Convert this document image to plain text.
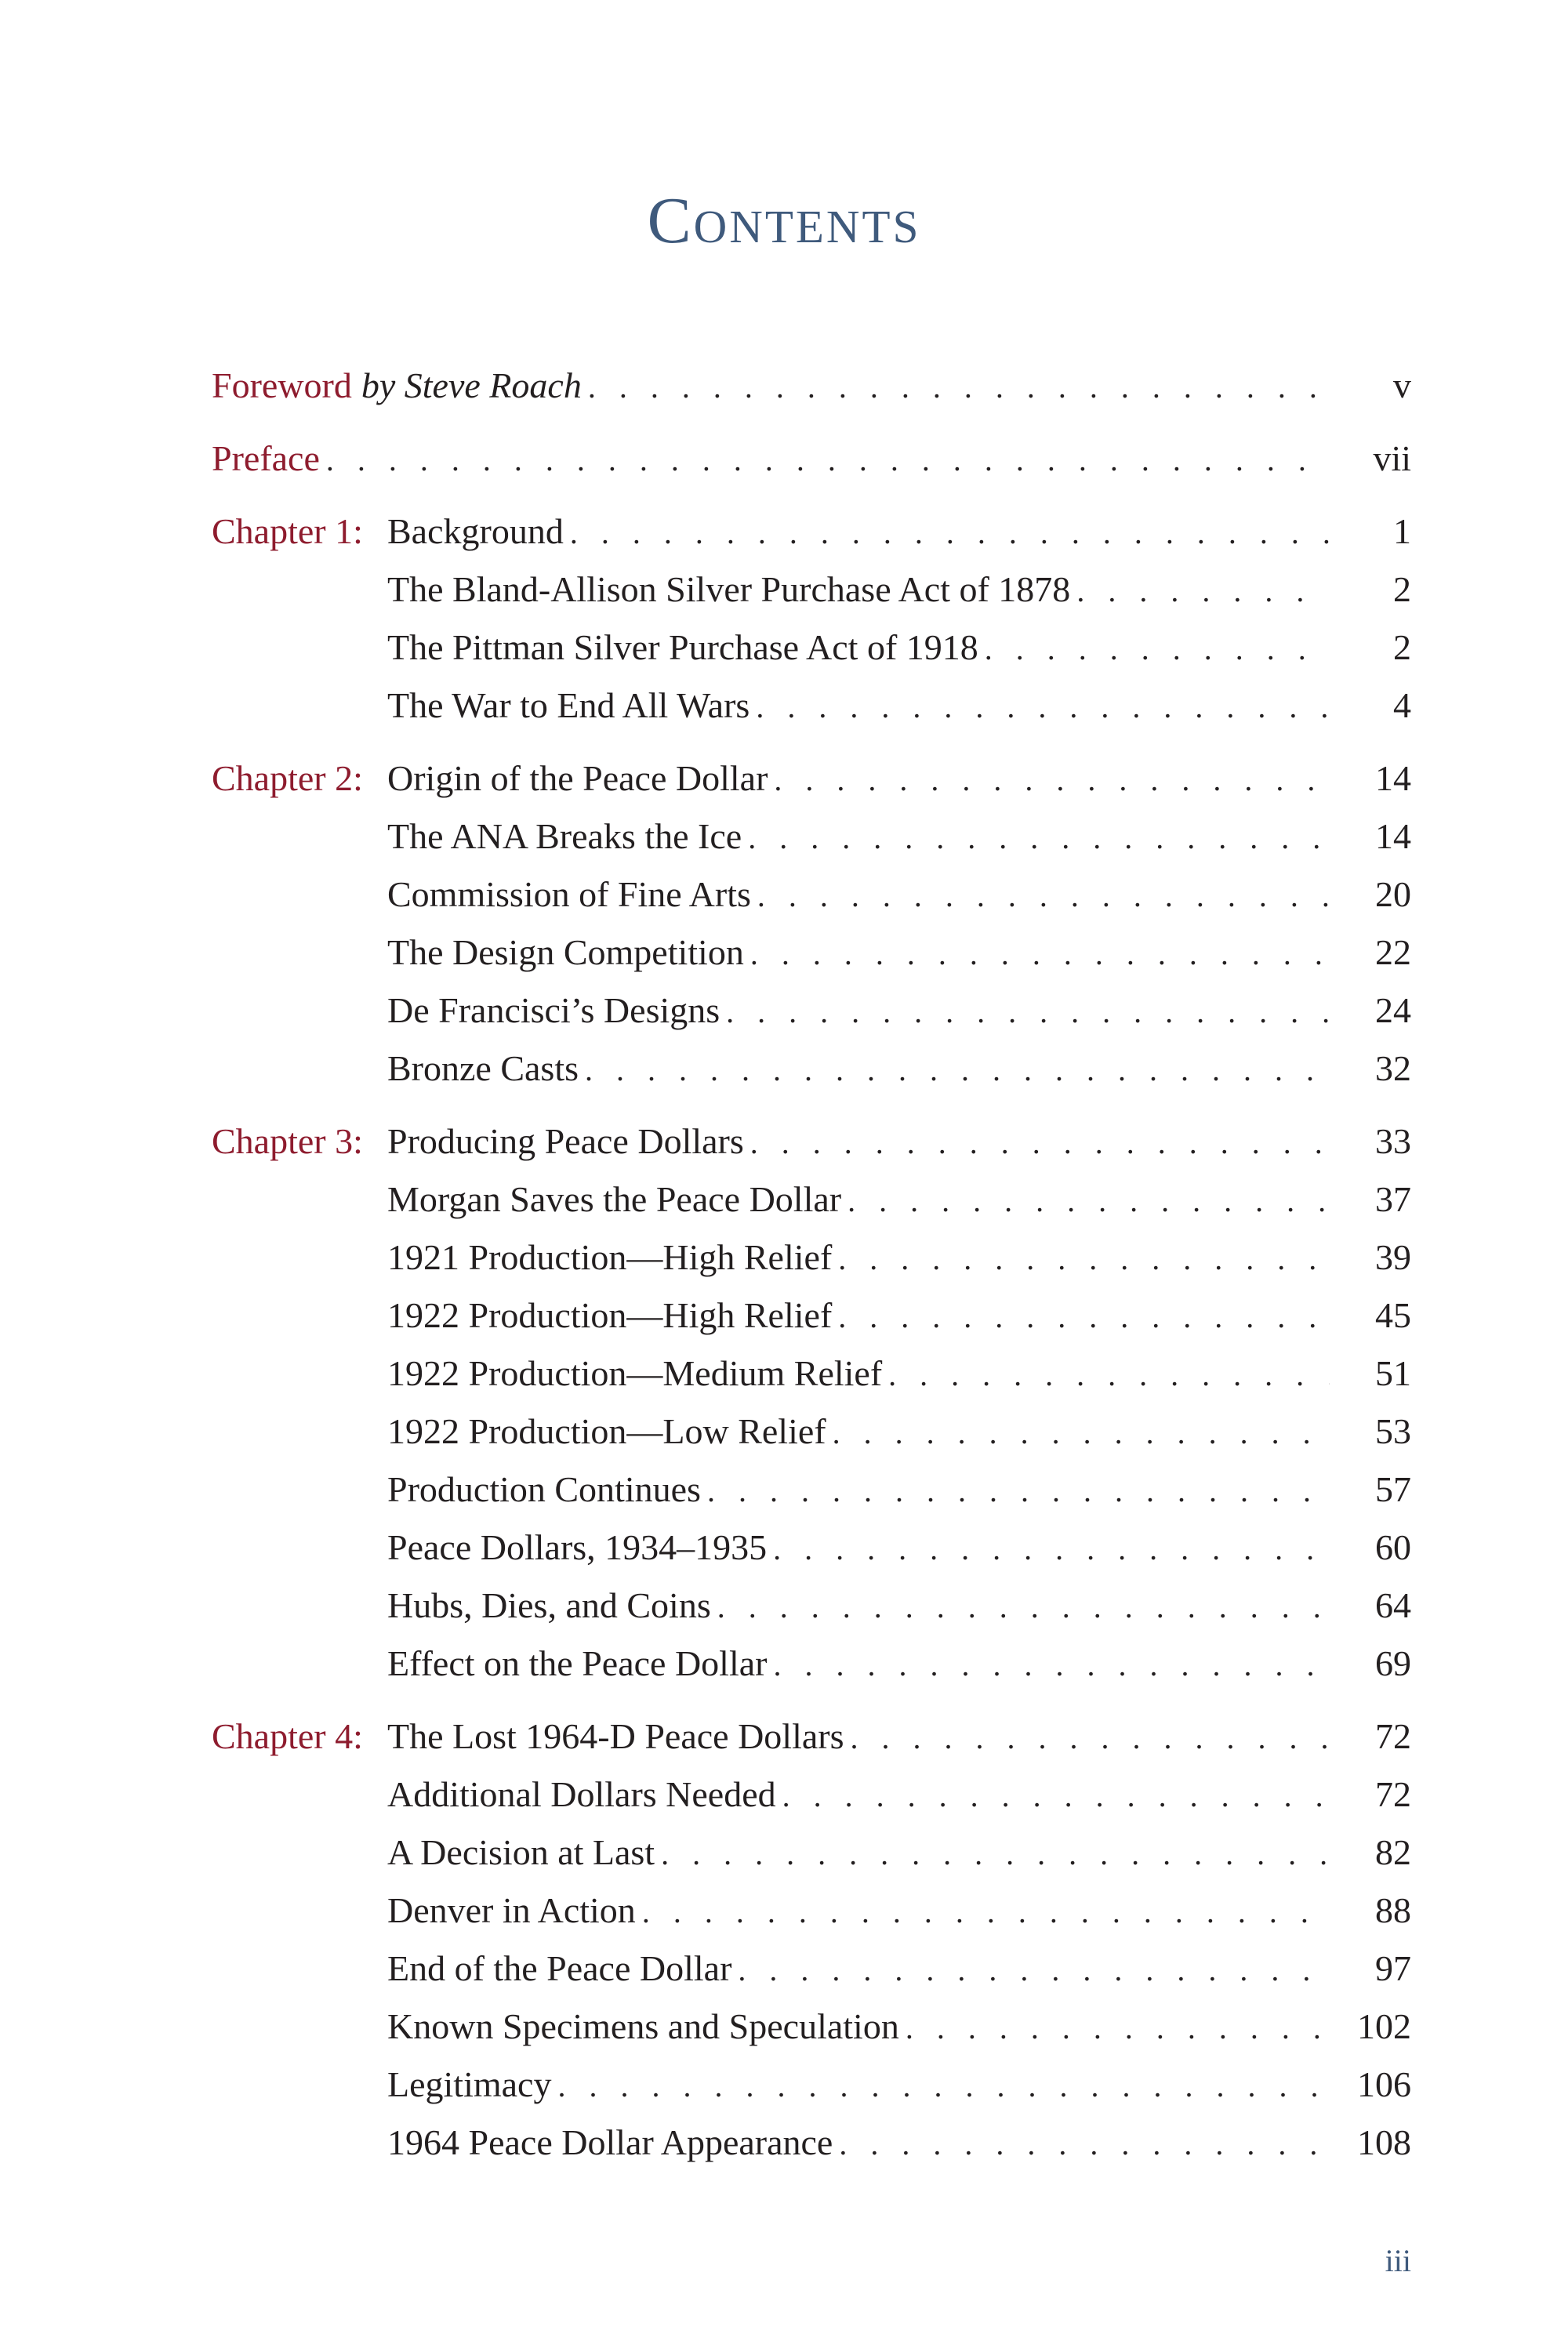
Contents
Foreword by Steve Roach . . .	v
Preface . . .	vii
Chapter 1: Background . . .	1
The Bland-Allison Silver Purchase Act of 1878 . . .	2
The Pittman Silver Purchase Act of 1918 . . .	2
The War to End All Wars . . .	4
Chapter 2: Origin of the Peace Dollar . . .	14
The ANA Breaks the Ice . . .	14
Commission of Fine Arts . . .	20
The Design Competition . . .	22
De Francisci’s Designs . . .	24
Bronze Casts . . .	32
Chapter 3: Producing Peace Dollars . . .	33
Morgan Saves the Peace Dollar . . .	37
1921 Production—High Relief . . .	39
1922 Production—High Relief . . .	45
1922 Production—Medium Relief . . .	51
1922 Production—Low Relief . . .	53
Production Continues . . .	57
Peace Dollars, 1934–1935 . . .	60
Hubs, Dies, and Coins . . .	64
Effect on the Peace Dollar . . .	69
Chapter 4: The Lost 1964-D Peace Dollars . . .	72
Additional Dollars Needed . . .	72
A Decision at Last . . .	82
Denver in Action . . .	88
End of the Peace Dollar . . .	97
Known Specimens and Speculation . . .	102
Legitimacy . . .	106
1964 Peace Dollar Appearance . . .	108
iii
